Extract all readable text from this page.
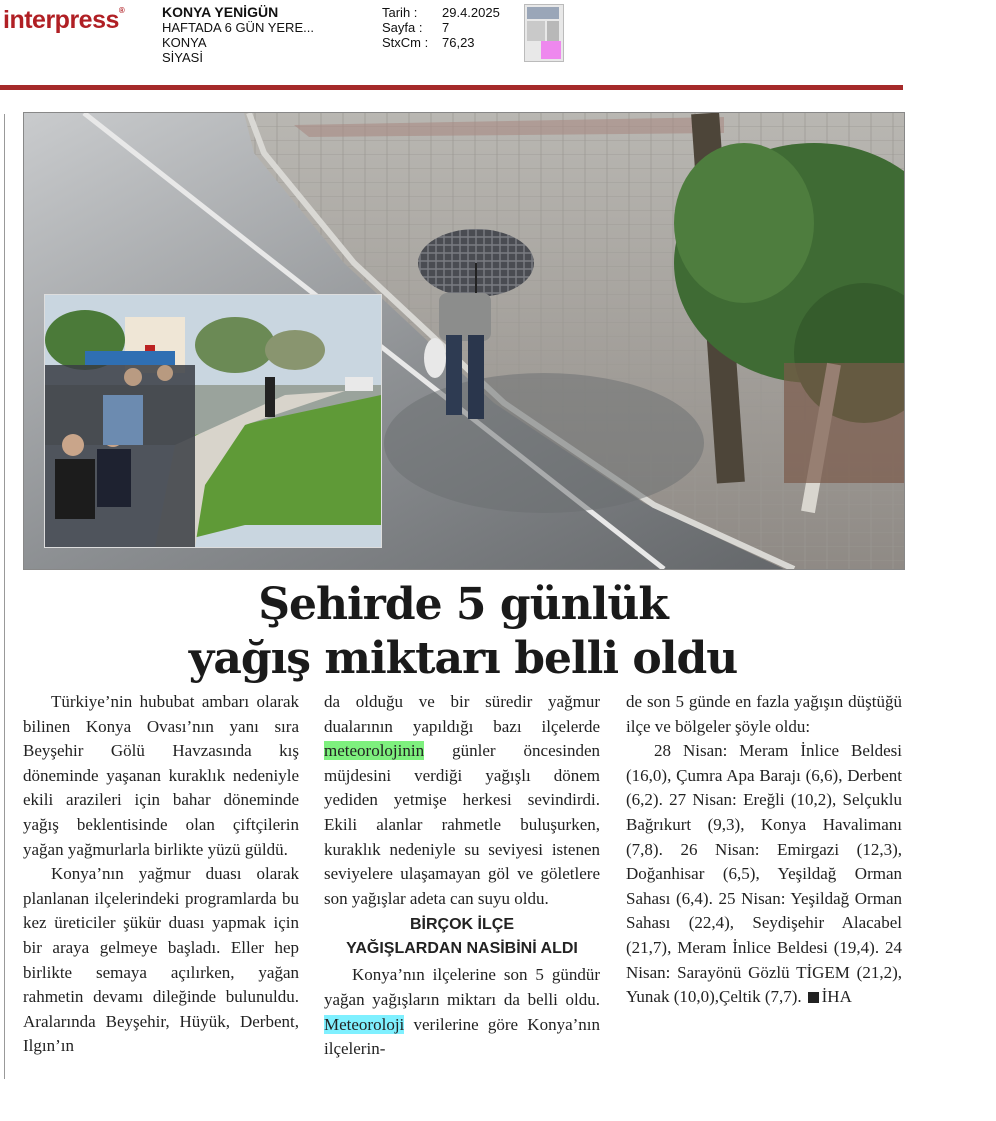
interpress®	KONYA YENİGÜN
HAFTADA 6 GÜN YERE...
KONYA
SİYASİ
Tarih :	29.4.2025
Sayfa :	7
StxCm :	76,23
Şehirde 5 günlük
yağış miktarı belli oldu

Türkiye’nin hububat ambarı olarak bilinen Konya Ovası’nın yanı sıra Beyşehir Gölü Havzasında kış döneminde yaşanan kuraklık nedeniyle ekili arazileri için bahar döneminde yağış beklentisinde olan çiftçilerin yağan yağmurlarla birlikte yüzü güldü.

Konya’nın yağmur duası olarak planlanan ilçelerindeki programlarda bu kez üreticiler şükür duası yapmak için bir araya gelmeye başladı. Eller hep birlikte semaya açılırken, yağan rahmetin devamı dileğinde bulunuldu. Aralarında Beyşehir, Hüyük, Derbent, Ilgın’ın

da olduğu ve bir süredir yağmur dualarının yapıldığı bazı ilçelerde meteorolojinin günler öncesinden müjdesini verdiği yağışlı dönem yediden yetmişe herkesi sevindirdi. Ekili alanlar rahmetle buluşurken, kuraklık nedeniyle su seviyesi istenen seviyelere ulaşamayan göl ve göletlere son yağışlar adeta can suyu oldu.

BİRÇOK İLÇE
YAĞIŞLARDAN NASİBİNİ ALDI

Konya’nın ilçelerine son 5 gündür yağan yağışların miktarı da belli oldu. Meteoroloji verilerine göre Konya’nın ilçelerin-

de son 5 günde en fazla yağışın düştüğü ilçe ve bölgeler şöyle oldu:

28 Nisan: Meram İnlice Beldesi (16,0), Çumra Apa Barajı (6,6), Derbent (6,2). 27 Nisan: Ereğli (10,2), Selçuklu Bağrıkurt (9,3), Konya Havalimanı (7,8). 26 Nisan: Emirgazi (12,3), Doğanhisar (6,5), Yeşildağ Orman Sahası (6,4). 25 Nisan: Yeşildağ Orman Sahası (22,4), Seydişehir Alacabel (21,7), Meram İnlice Beldesi (19,4). 24 Nisan: Sarayönü Gözlü TİGEM (21,2), Yunak (10,0),Çeltik (7,7). İHA
